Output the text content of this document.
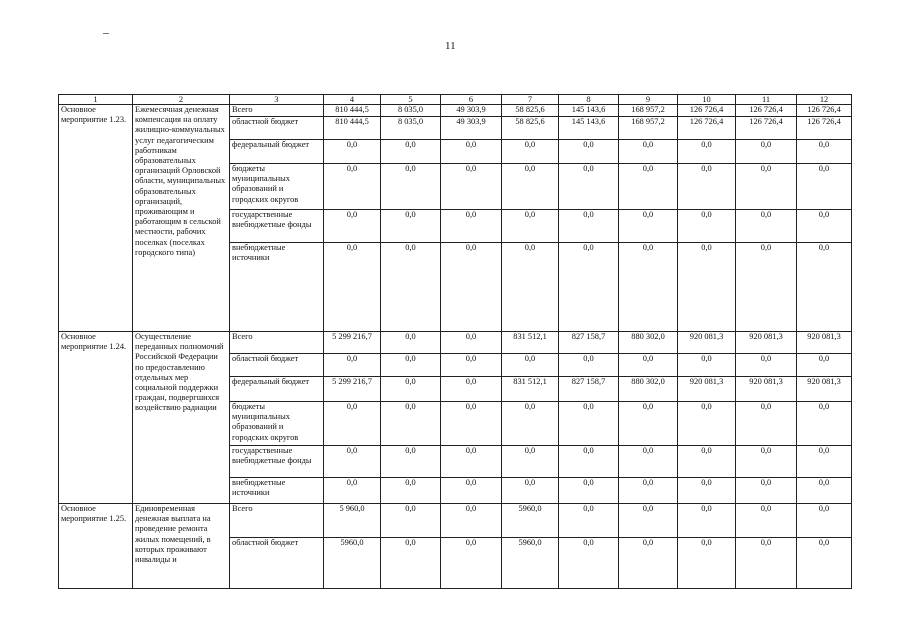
11
1	2	3	4	5	6	7	8	9	10	11	12
Основное мероприятие 1.23.	Ежемесячная денежная компенсация на оплату жилищно-коммунальных услуг педагогическим работникам образовательных организаций Орловской области, муниципальных образовательных организаций, проживающим и работающим в сельской местности, рабочих поселках (поселках городского типа)	Всего	810 444,5	8 035,0	49 303,9	58 825,6	145 143,6	168 957,2	126 726,4	126 726,4	126 726,4
		областной бюджет	810 444,5	8 035,0	49 303,9	58 825,6	145 143,6	168 957,2	126 726,4	126 726,4	126 726,4
		федеральный бюджет	0,0	0,0	0,0	0,0	0,0	0,0	0,0	0,0	0,0
		бюджеты муниципальных образований и городских округов	0,0	0,0	0,0	0,0	0,0	0,0	0,0	0,0	0,0
		государственные внебюджетные фонды	0,0	0,0	0,0	0,0	0,0	0,0	0,0	0,0	0,0
		внебюджетные источники	0,0	0,0	0,0	0,0	0,0	0,0	0,0	0,0	0,0
Основное мероприятие 1.24.	Осуществление переданных полномочий Российской Федерации по предоставлению отдельных мер социальной поддержки граждан, подвергшихся воздействию радиации	Всего	5 299 216,7	0,0	0,0	831 512,1	827 158,7	880 302,0	920 081,3	920 081,3	920 081,3
		областной бюджет	0,0	0,0	0,0	0,0	0,0	0,0	0,0	0,0	0,0
		федеральный бюджет	5 299 216,7	0,0	0,0	831 512,1	827 158,7	880 302,0	920 081,3	920 081,3	920 081,3
		бюджеты муниципальных образований и городских округов	0,0	0,0	0,0	0,0	0,0	0,0	0,0	0,0	0,0
		государственные внебюджетные фонды	0,0	0,0	0,0	0,0	0,0	0,0	0,0	0,0	0,0
		внебюджетные источники	0,0	0,0	0,0	0,0	0,0	0,0	0,0	0,0	0,0
Основное мероприятие 1.25.	Единовременная денежная выплата на проведение ремонта жилых помещений, в которых проживают инвалиды и	Всего	5 960,0	0,0	0,0	5960,0	0,0	0,0	0,0	0,0	0,0
		областной бюджет	5960,0	0,0	0,0	5960,0	0,0	0,0	0,0	0,0	0,0
